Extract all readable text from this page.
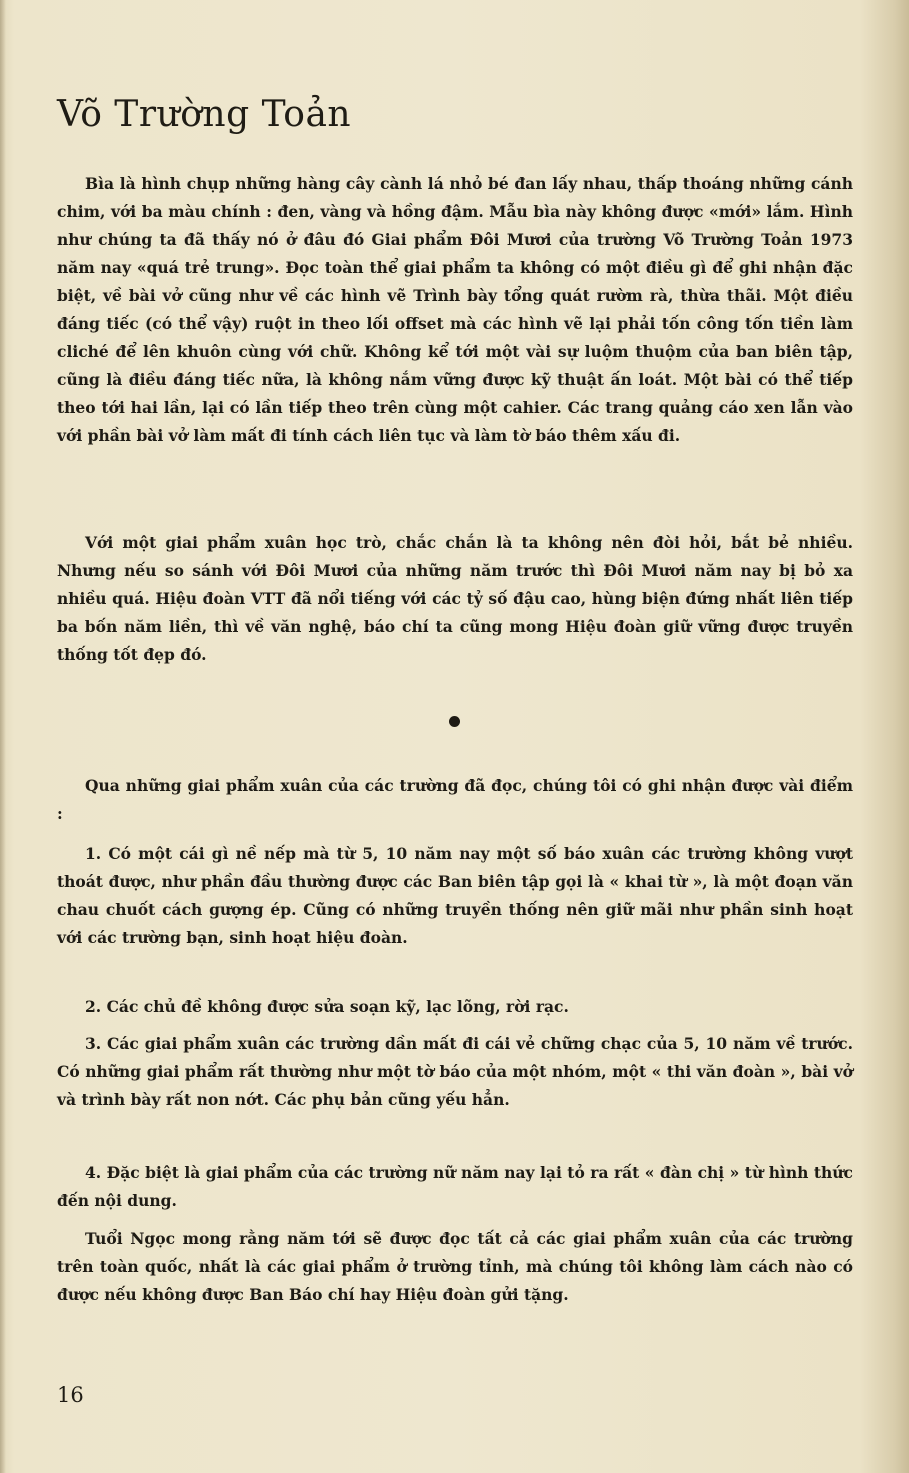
Võ Trường Toản

Bìa là hình chụp những hàng cây cành lá nhỏ bé đan lấy nhau, thấp thoáng những cánh chim, với ba màu chính : đen, vàng và hồng đậm. Mẫu bìa này không được «mới» lắm. Hình như chúng ta đã thấy nó ở đâu đó Giai phẩm Đôi Mươi của trường Võ Trường Toản 1973 năm nay «quá trẻ trung». Đọc toàn thể giai phẩm ta không có một điều gì để ghi nhận đặc biệt, về bài vở cũng như về các hình vẽ Trình bày tổng quát rườm rà, thừa thãi. Một điều đáng tiếc (có thể vậy) ruột in theo lối offset mà các hình vẽ lại phải tốn công tốn tiền làm cliché để lên khuôn cùng với chữ. Không kể tới một vài sự luộm thuộm của ban biên tập, cũng là điều đáng tiếc nữa, là không nắm vững được kỹ thuật ấn loát. Một bài có thể tiếp theo tới hai lần, lại có lần tiếp theo trên cùng một cahier. Các trang quảng cáo xen lẫn vào với phần bài vở làm mất đi tính cách liên tục và làm tờ báo thêm xấu đi.

Với một giai phẩm xuân học trò, chắc chắn là ta không nên đòi hỏi, bắt bẻ nhiều. Nhưng nếu so sánh với Đôi Mươi của những năm trước thì Đôi Mươi năm nay bị bỏ xa nhiều quá. Hiệu đoàn VTT đã nổi tiếng với các tỷ số đậu cao, hùng biện đứng nhất liên tiếp ba bốn năm liền, thì về văn nghệ, báo chí ta cũng mong Hiệu đoàn giữ vững được truyền thống tốt đẹp đó.

Qua những giai phẩm xuân của các trường đã đọc, chúng tôi có ghi nhận được vài điểm :

1. Có một cái gì nề nếp mà từ 5, 10 năm nay một số báo xuân các trường không vượt thoát được, như phần đầu thường được các Ban biên tập gọi là « khai từ », là một đoạn văn chau chuốt cách gượng ép. Cũng có những truyền thống nên giữ mãi như phần sinh hoạt với các trường bạn, sinh hoạt hiệu đoàn.

2. Các chủ đề không được sửa soạn kỹ, lạc lõng, rời rạc.

3. Các giai phẩm xuân các trường dần mất đi cái vẻ chững chạc của 5, 10 năm về trước. Có những giai phẩm rất thường như một tờ báo của một nhóm, một « thi văn đoàn », bài vở và trình bày rất non nớt. Các phụ bản cũng yếu hẳn.

4. Đặc biệt là giai phẩm của các trường nữ năm nay lại tỏ ra rất « đàn chị » từ hình thức đến nội dung.

Tuổi Ngọc mong rằng năm tới sẽ được đọc tất cả các giai phẩm xuân của các trường trên toàn quốc, nhất là các giai phẩm ở trường tỉnh, mà chúng tôi không làm cách nào có được nếu không được Ban Báo chí hay Hiệu đoàn gửi tặng.

16
